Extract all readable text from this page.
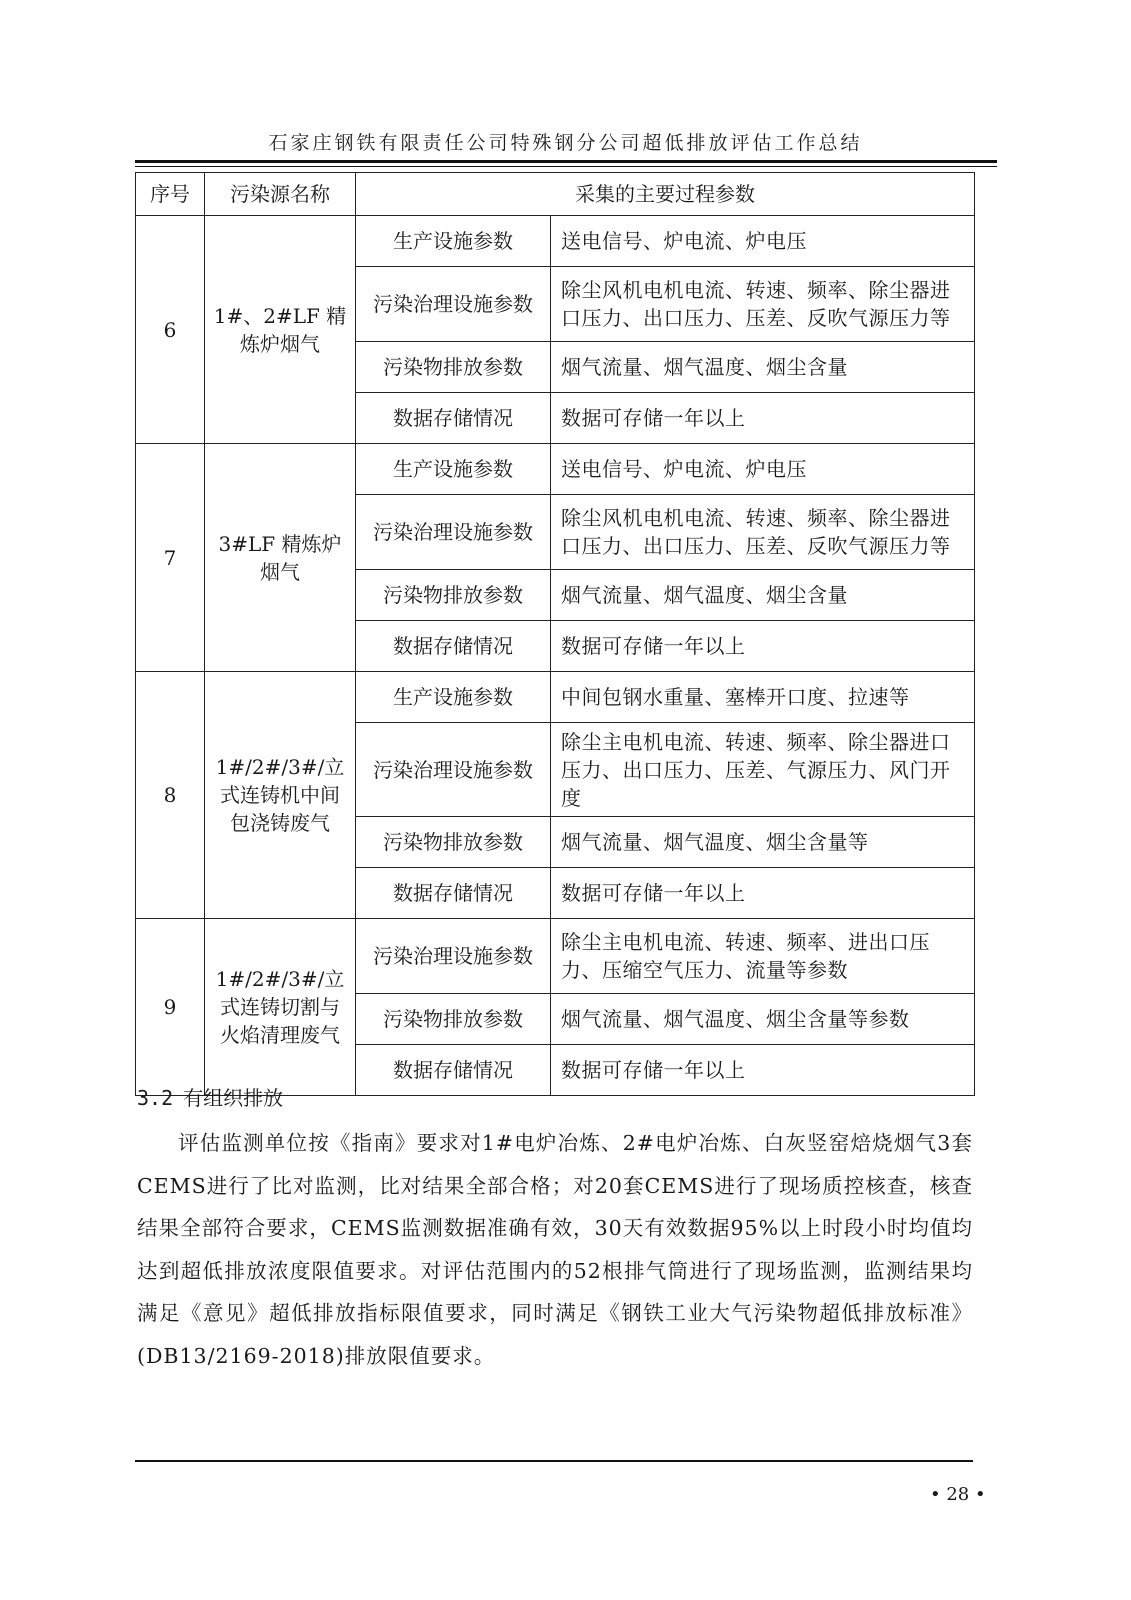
石家庄钢铁有限责任公司特殊钢分公司超低排放评估工作总结
序号	污染源名称	采集的主要过程参数	
6	1#、2#LF 精炼炉烟气	生产设施参数	送电信号、炉电流、炉电压
		污染治理设施参数	除尘风机电机电流、转速、频率、除尘器进口压力、出口压力、压差、反吹气源压力等
		污染物排放参数	烟气流量、烟气温度、烟尘含量
		数据存储情况	数据可存储一年以上
7	3#LF 精炼炉烟气	生产设施参数	送电信号、炉电流、炉电压
		污染治理设施参数	除尘风机电机电流、转速、频率、除尘器进口压力、出口压力、压差、反吹气源压力等
		污染物排放参数	烟气流量、烟气温度、烟尘含量
		数据存储情况	数据可存储一年以上
8	1#/2#/3#/立式连铸机中间包浇铸废气	生产设施参数	中间包钢水重量、塞棒开口度、拉速等
		污染治理设施参数	除尘主电机电流、转速、频率、除尘器进口压力、出口压力、压差、气源压力、风门开度
		污染物排放参数	烟气流量、烟气温度、烟尘含量等
		数据存储情况	数据可存储一年以上
9	1#/2#/3#/立式连铸切割与火焰清理废气	污染治理设施参数	除尘主电机电流、转速、频率、进出口压力、压缩空气压力、流量等参数
		污染物排放参数	烟气流量、烟气温度、烟尘含量等参数
		数据存储情况	数据可存储一年以上
3.2 有组织排放
评估监测单位按《指南》要求对1#电炉冶炼、2#电炉冶炼、白灰竖窑焙烧烟气3套CEMS进行了比对监测，比对结果全部合格；对20套CEMS进行了现场质控核查，核查结果全部符合要求，CEMS监测数据准确有效，30天有效数据95%以上时段小时均值均达到超低排放浓度限值要求。对评估范围内的52根排气筒进行了现场监测，监测结果均满足《意见》超低排放指标限值要求，同时满足《钢铁工业大气污染物超低排放标准》(DB13/2169-2018)排放限值要求。
• 28 •
